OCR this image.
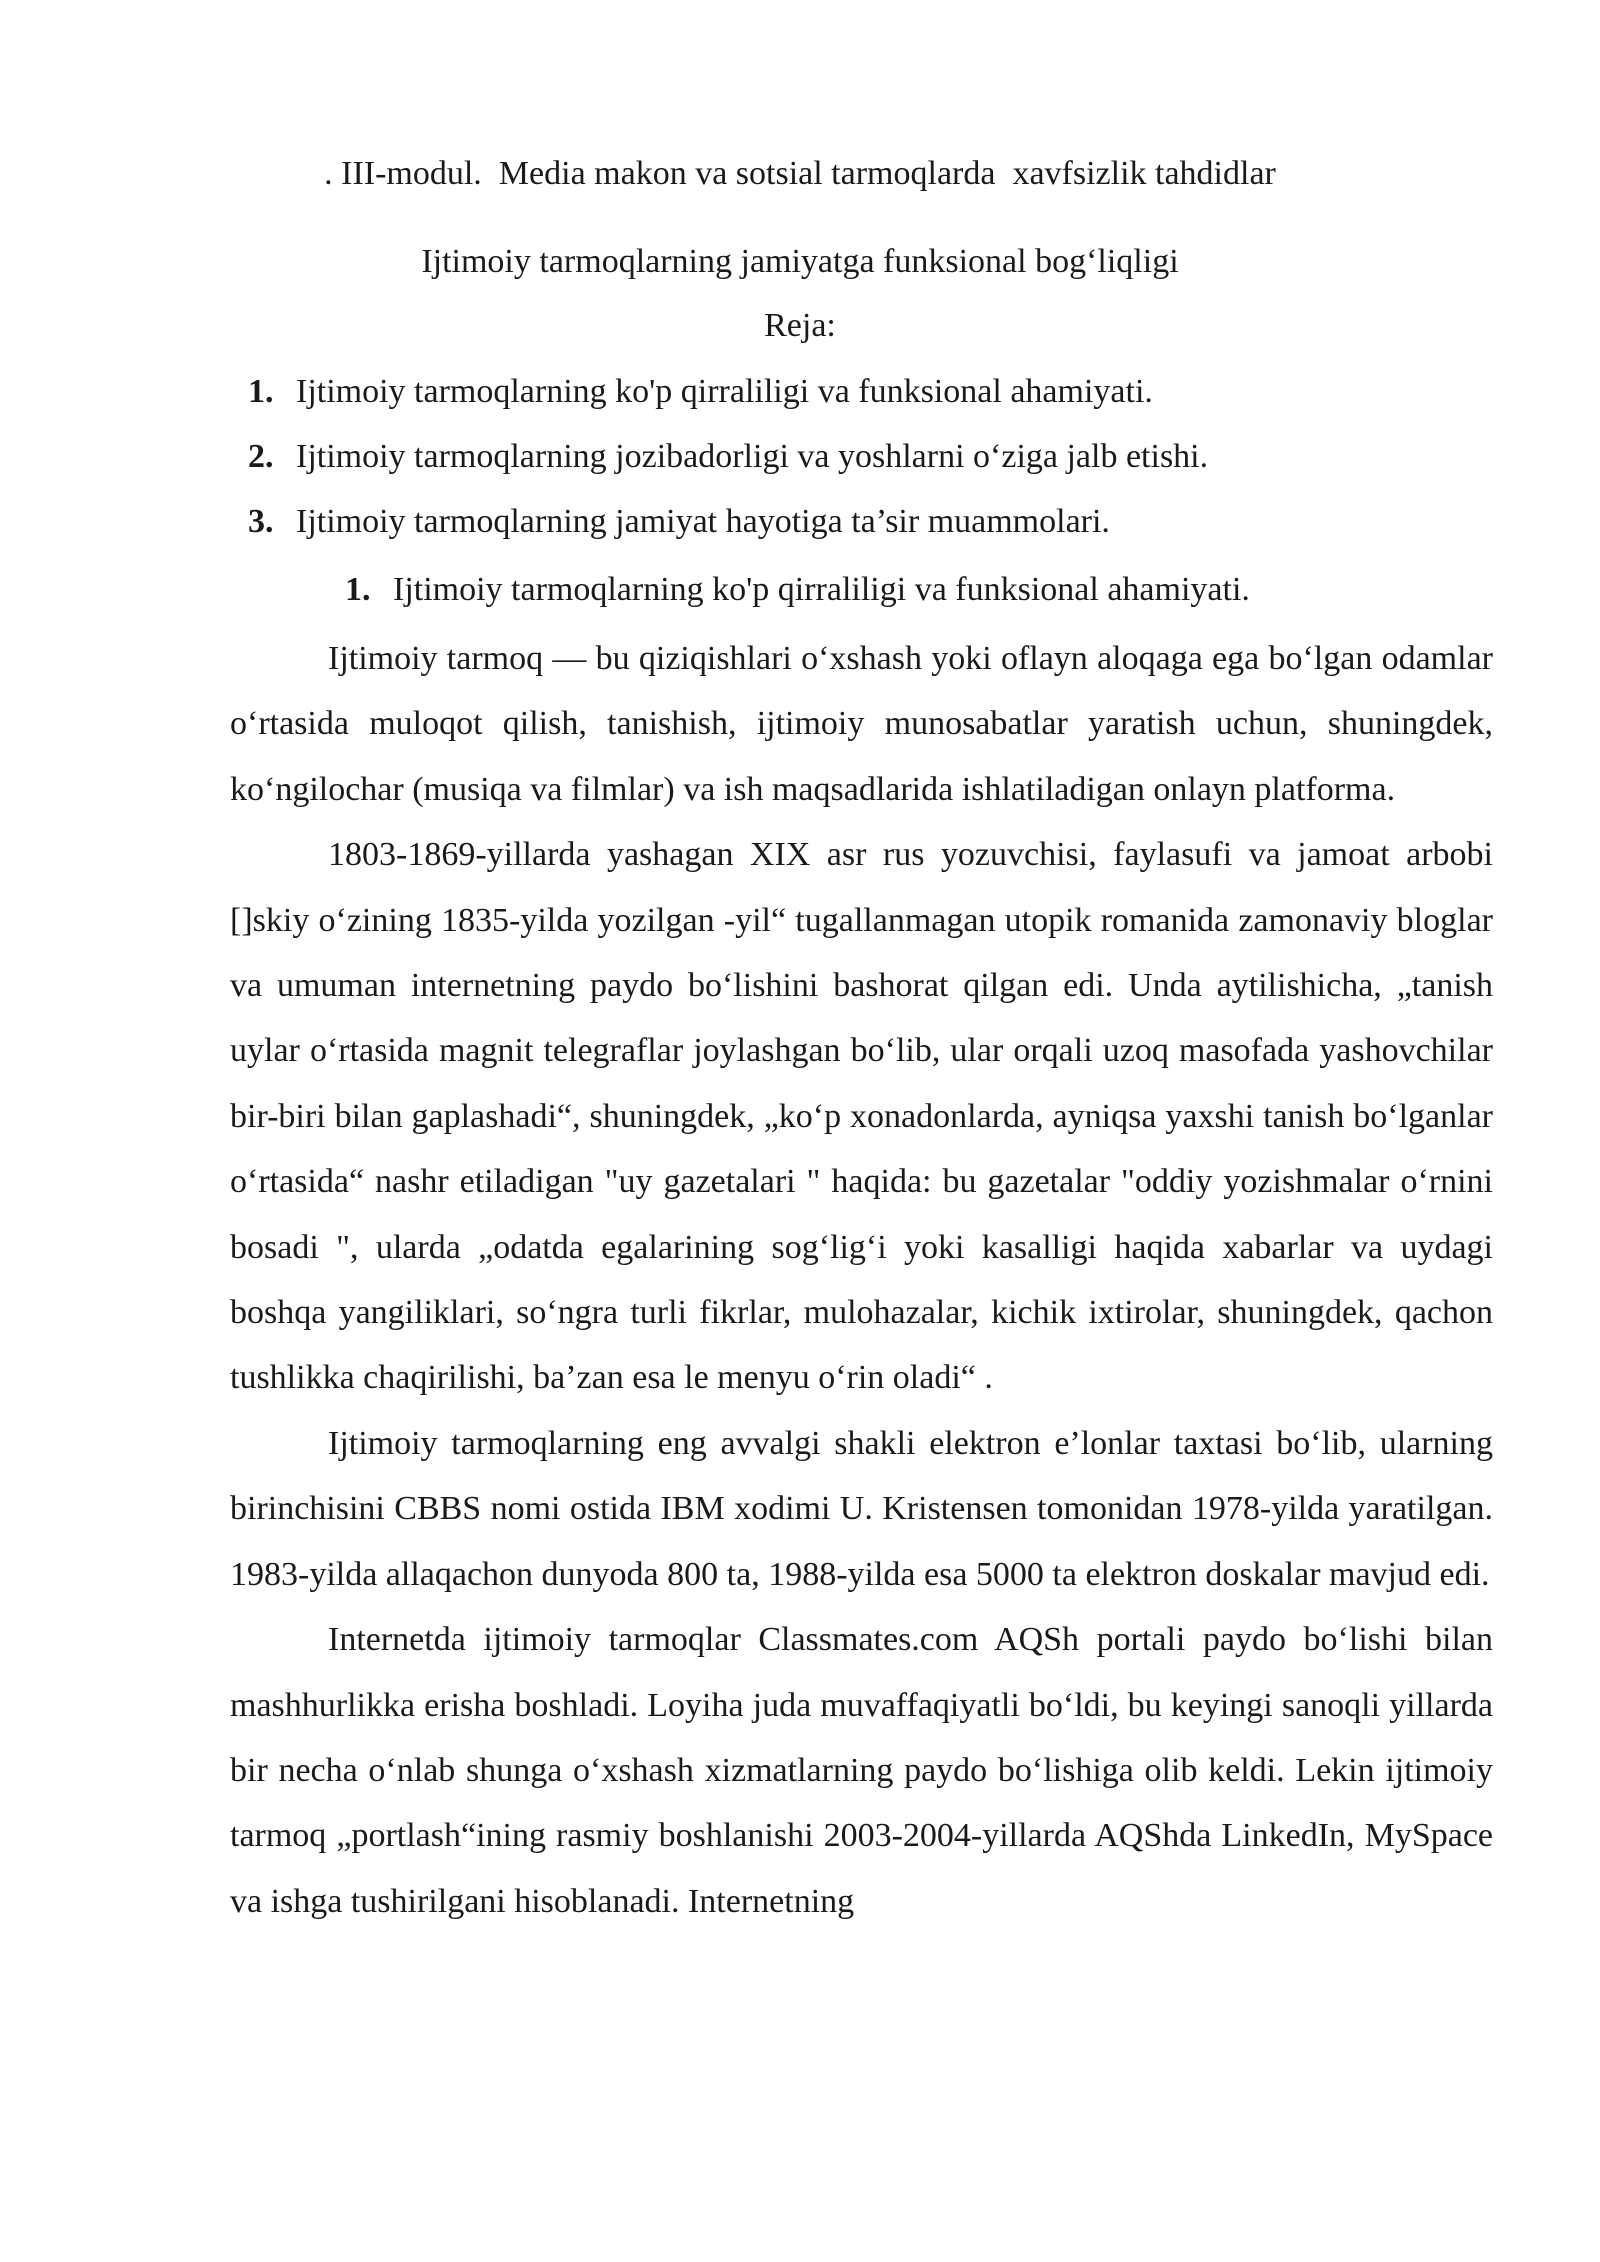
. III-modul.  Media makon va sotsial tarmoqlarda  xavfsizlik tahdidlar
Ijtimoiy tarmoqlarning jamiyatga funksional bog‘liqligi
Reja:
1. Ijtimoiy tarmoqlarning ko'p qirraliligi va funksional ahamiyati.
2. Ijtimoiy tarmoqlarning jozibadorligi va yoshlarni o‘ziga jalb etishi.
3. Ijtimoiy tarmoqlarning jamiyat hayotiga ta’sir muammolari.
1. Ijtimoiy tarmoqlarning ko'p qirraliligi va funksional ahamiyati.

Ijtimoiy tarmoq — bu qiziqishlari o‘xshash yoki oflayn aloqaga ega bo‘lgan odamlar o‘rtasida muloqot qilish, tanishish, ijtimoiy munosabatlar yaratish uchun, shuningdek, ko‘ngilochar (musiqa va filmlar) va ish maqsadlarida ishlatiladigan onlayn platforma.

1803-1869-yillarda yashagan XIX asr rus yozuvchisi, faylasufi va jamoat arbobi []skiy o‘zining 1835-yilda yozilgan -yil“ tugallanmagan utopik romanida zamonaviy bloglar va umuman internetning paydo bo‘lishini bashorat qilgan edi. Unda aytilishicha, „tanish uylar o‘rtasida magnit telegraflar joylashgan bo‘lib, ular orqali uzoq masofada yashovchilar bir-biri bilan gaplashadi“, shuningdek, „ko‘p xonadonlarda, ayniqsa yaxshi tanish bo‘lganlar o‘rtasida“ nashr etiladigan "uy gazetalari " haqida: bu gazetalar "oddiy yozishmalar o‘rnini bosadi ", ularda „odatda egalarining sog‘lig‘i yoki kasalligi haqida xabarlar va uydagi boshqa yangiliklari, so‘ngra turli fikrlar, mulohazalar, kichik ixtirolar, shuningdek, qachon tushlikka chaqirilishi, ba’zan esa le menyu o‘rin oladi“ .

Ijtimoiy tarmoqlarning eng avvalgi shakli elektron e’lonlar taxtasi bo‘lib, ularning birinchisini CBBS nomi ostida IBM xodimi U. Kristensen tomonidan 1978-yilda yaratilgan. 1983-yilda allaqachon dunyoda 800 ta, 1988-yilda esa 5000 ta elektron doskalar mavjud edi.

Internetda ijtimoiy tarmoqlar Classmates.com AQSh portali paydo bo‘lishi bilan mashhurlikka erisha boshladi. Loyiha juda muvaffaqiyatli bo‘ldi, bu keyingi sanoqli yillarda bir necha o‘nlab shunga o‘xshash xizmatlarning paydo bo‘lishiga olib keldi. Lekin ijtimoiy tarmoq „portlash“ining rasmiy boshlanishi 2003-2004-yillarda AQShda LinkedIn, MySpace va ishga tushirilgani hisoblanadi. Internetning
